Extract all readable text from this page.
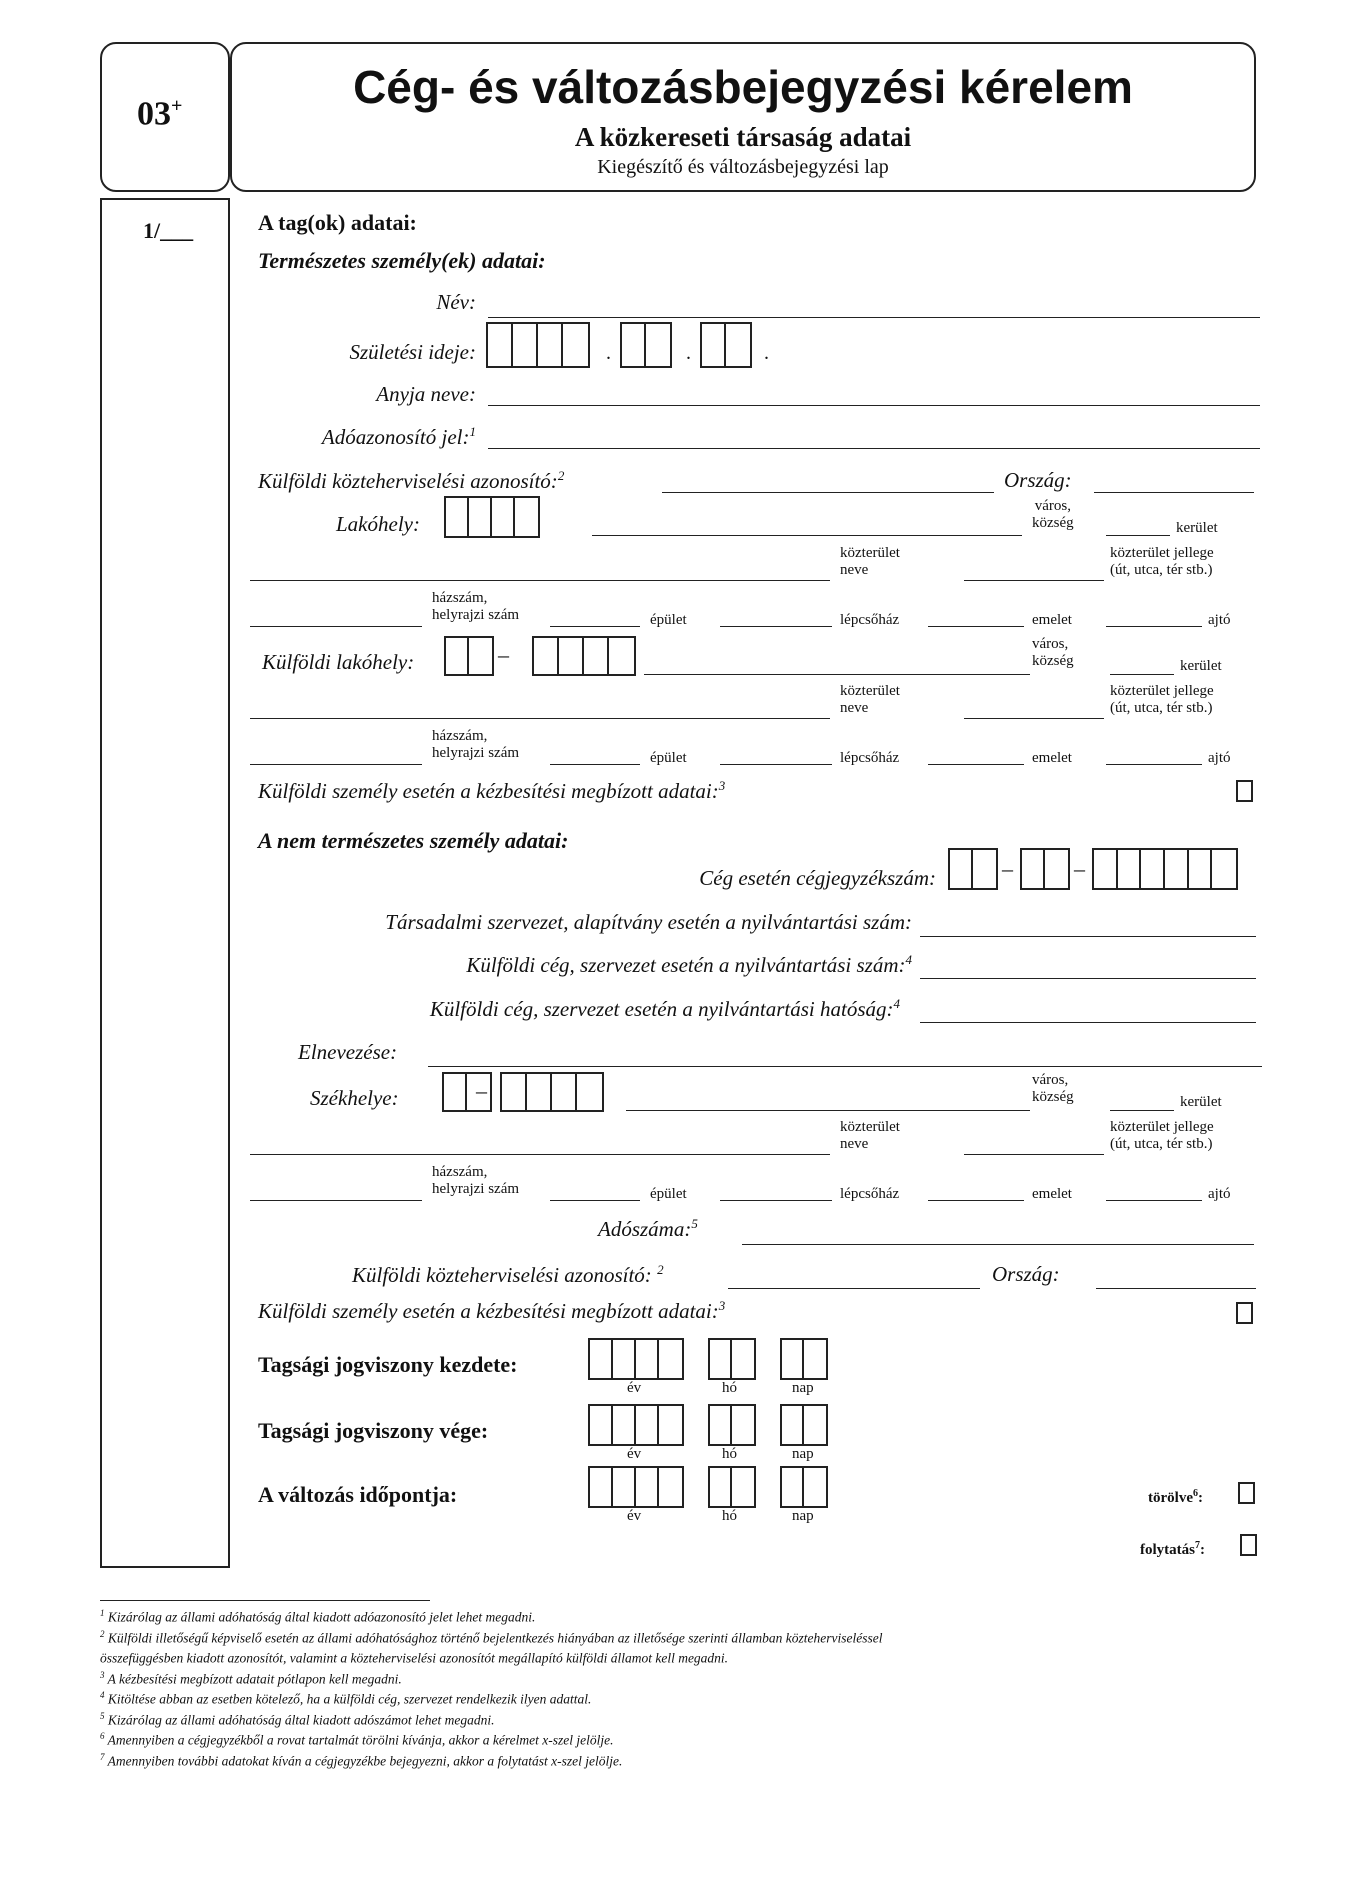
03+	Cég- és változásbejegyzési kérelem
A közkereseti társaság adatai
Kiegészítő és változásbejegyzési lap
1/___	A tag(ok) adatai:
Természetes személy(ek) adatai:
Név:
Születési ideje:	.	.	.
Anyja neve:
Adóazonosító jel:$^1$
Külföldi közteherviselési azonosító:$^2$	Ország:
Lakóhely:
város,
község	kerület
közterület
neve
közterület jellege
(út, utca, tér stb.)
házszám,
helyrajzi szám	épület	lépcsőház	emelet	ajtó
Külföldi lakóhely:	–	város,
község	kerület
közterület
neve
közterület jellege
(út, utca, tér stb.)
házszám,
helyrajzi szám	épület	lépcsőház	emelet	ajtó
Külföldi személy esetén a kézbesítési megbízott adatai:$^3$
A nem természetes személy adatai:
Cég esetén cégjegyzékszám:	–	–
Társadalmi szervezet, alapítvány esetén a nyilvántartási szám:
Külföldi cég, szervezet esetén a nyilvántartási szám:$^4$
Külföldi cég, szervezet esetén a nyilvántartási hatóság:$^4$
Elnevezése:
Székhelye:	–	város,
község	kerület
közterület
neve
közterület jellege
(út, utca, tér stb.)
házszám,
helyrajzi szám	épület	lépcsőház	emelet	ajtó
Adószáma:$^5$
Külföldi közteherviselési azonosító: $^2$	Ország:
Külföldi személy esetén a kézbesítési megbízott adatai:$^3$
Tagsági jogviszony kezdete:
év	hó	nap
Tagsági jogviszony vége:
év	hó	nap
A változás időpontja:
év	hó	nap
törölve$^6$:
folytatás$^7$:
$^1$ Kizárólag az állami adóhatóság által kiadott adóazonosító jelet lehet megadni.
$^2$ Külföldi illetőségű képviselő esetén az állami adóhatósághoz történő bejelentkezés hiányában az illetősége szerinti államban közteherviseléssel
összefüggésben kiadott azonosítót, valamint a közteherviselési azonosítót megállapító külföldi államot kell megadni.
$^3$ A kézbesítési megbízott adatait pótlapon kell megadni.
$^4$ Kitöltése abban az esetben kötelező, ha a külföldi cég, szervezet rendelkezik ilyen adattal.
$^5$ Kizárólag az állami adóhatóság által kiadott adószámot lehet megadni.
$^6$ Amennyiben a cégjegyzékből a rovat tartalmát törölni kívánja, akkor a kérelmet x-szel jelölje.
$^7$ Amennyiben további adatokat kíván a cégjegyzékbe bejegyezni, akkor a folytatást x-szel jelölje.
